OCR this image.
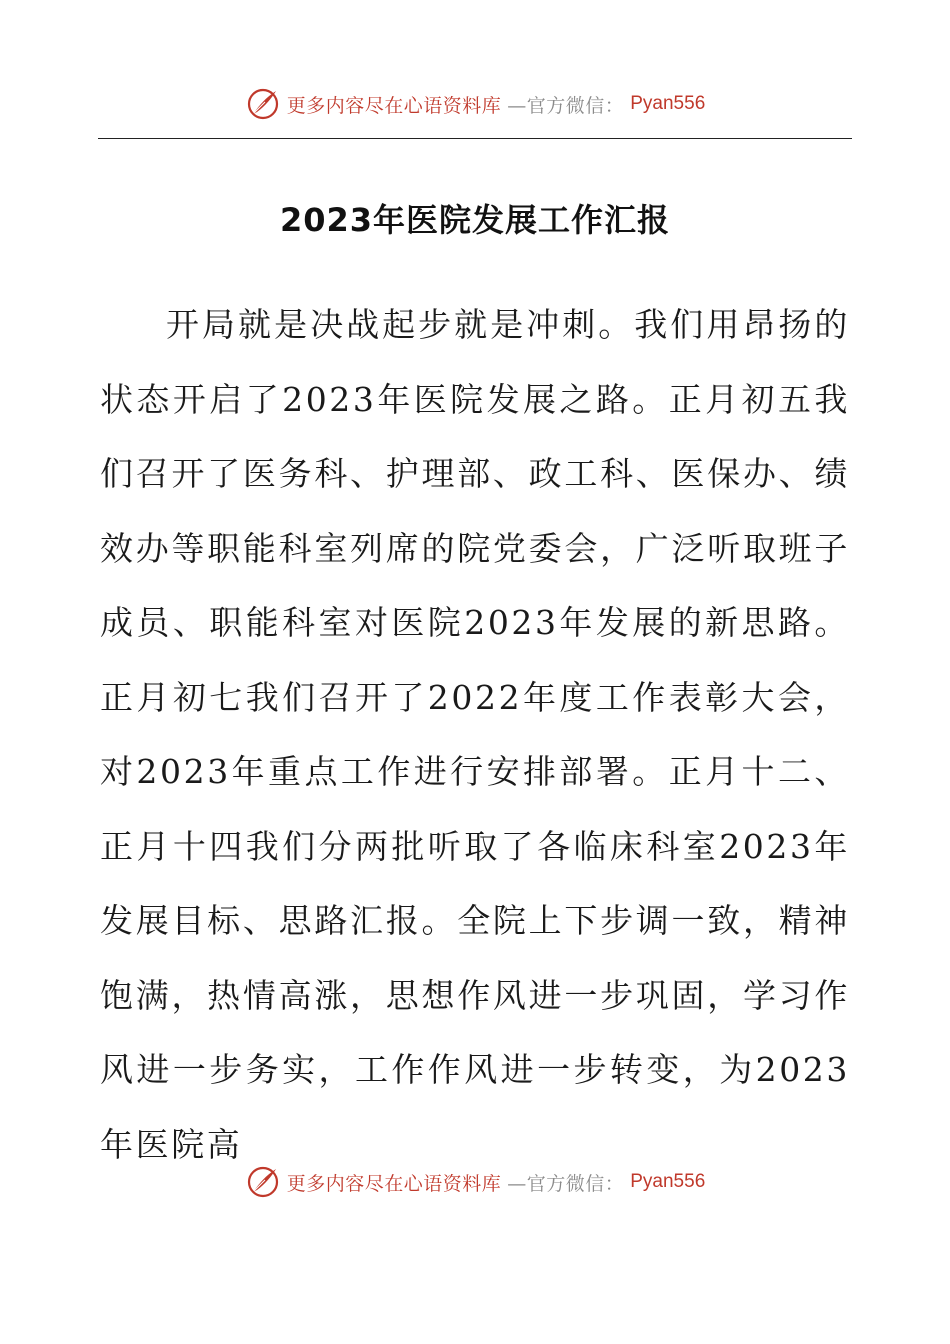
更多内容尽在心语资料库 —官方微信： Pyan556
2023年医院发展工作汇报

开局就是决战起步就是冲刺。我们用昂扬的状态开启了2023年医院发展之路。正月初五我们召开了医务科、护理部、政工科、医保办、绩效办等职能科室列席的院党委会，广泛听取班子成员、职能科室对医院2023年发展的新思路。正月初七我们召开了2022年度工作表彰大会，对2023年重点工作进行安排部署。正月十二、正月十四我们分两批听取了各临床科室2023年发展目标、思路汇报。全院上下步调一致，精神饱满，热情高涨，思想作风进一步巩固，学习作风进一步务实，工作作风进一步转变，为2023年医院高

更多内容尽在心语资料库 —官方微信： Pyan556
